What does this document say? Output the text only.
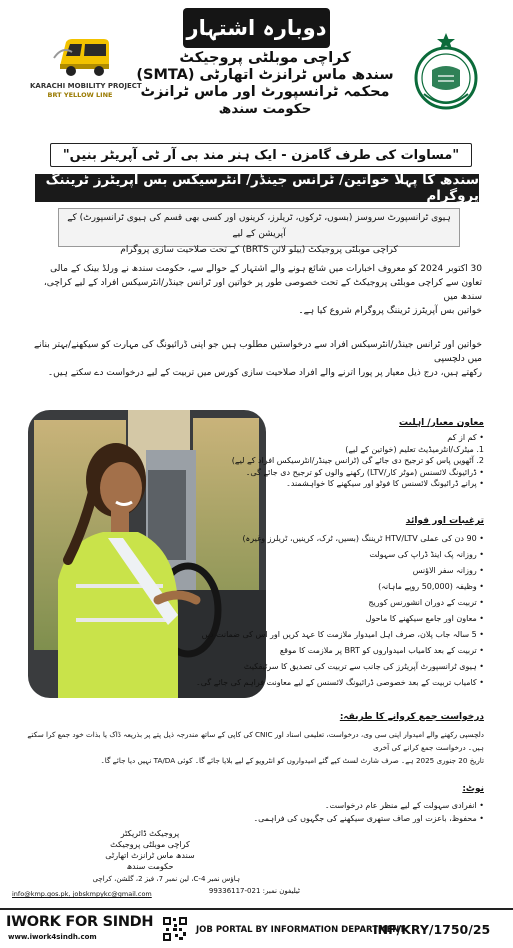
دوبارہ اشتہار
KARACHI MOBILITY PROJECT
BRT YELLOW LINE
کراچی موبلٹی پروجیکٹ
سندھ ماس ٹرانزٹ اتھارٹی (SMTA)
محکمہ ٹرانسپورٹ اور ماس ٹرانزٹ
حکومت سندھ
"مساوات کی طرف گامزن - ایک ہنر مند بی آر ٹی آپریٹر بنیں"
سندھ کا پہلا خواتین/ ٹرانس جینڈر/ انٹرسیکس بس آپریٹرز ٹریننگ پروگرام
ہیوی ٹرانسپورٹ سروسز (بسوں، ٹرکوں، ٹریلرز، کرینوں اور کسی بھی قسم کی ہیوی ٹرانسپورٹ) کے آپریشن کے لیے
کراچی موبلٹی پروجیکٹ (ییلو لائن BRTS) کے تحت صلاحیت سازی پروگرام
30 اکتوبر 2024 کو معروف اخبارات میں شائع ہونے والے اشتہار کے حوالے سے، حکومت سندھ نے ورلڈ بینک کے مالی
تعاون سے کراچی موبلٹی پروجیکٹ کے تحت خصوصی طور پر خواتین اور ٹرانس جینڈر/انٹرسیکس افراد کے لیے کراچی، سندھ میں
خواتین بس آپریٹرز ٹریننگ پروگرام شروع کیا ہے۔
خواتین اور ٹرانس جینڈر/انٹرسیکس افراد سے درخواستیں مطلوب ہیں جو اپنی ڈرائیونگ کی مہارت کو سیکھنے/بہتر بنانے میں دلچسپی
رکھتے ہیں، درج ذیل معیار پر پورا اترنے والے افراد صلاحیت سازی کورس میں تربیت کے لیے درخواست دے سکتے ہیں۔
معاون معیار/ اہلیت
• کم از کم
1. میٹرک/انٹرمیڈیٹ تعلیم (خواتین کے لیے)
2. آٹھویں پاس کو ترجیح دی جائے گی (ٹرانس جینڈر/انٹرسیکس افراد کے لیے)
• ڈرائیونگ لائسنس (موٹر کار/LTV) رکھنے والوں کو ترجیح دی جائے گی۔
• پرانے ڈرائیونگ لائسنس کا فوٹو اور سیکھنے کا خواہشمند۔
ترغیبات اور فوائد
• 90 دن کی عملی HTV/LTV ٹریننگ (بسیں، ٹرک، کرینیں، ٹریلرز وغیرہ)
• روزانہ پک اینڈ ڈراپ کی سہولت
• روزانہ سفر الاؤنس
• وظیفہ (50,000 روپے ماہانہ)
• تربیت کے دوران انشورنس کوریج
• معاون اور جامع سیکھنے کا ماحول
• 5 سالہ جاب پلان، صرف اہل امیدوار ملازمت کا عہد کریں اور اس کی ضمانت دیں
• تربیت کے بعد کامیاب امیدواروں کو BRT پر ملازمت کا موقع
• ہیوی ٹرانسپورٹ آپریٹرز کی جانب سے تربیت کی تصدیق کا سرٹیفکیٹ
• کامیاب تربیت کے بعد خصوصی ڈرائیونگ لائسنس کے لیے معاونت فراہم کی جائے گی۔
درخواست جمع کروانے کا طریقہ:
دلچسپی رکھنے والے امیدوار اپنی سی وی، درخواست، تعلیمی اسناد اور CNIC کی کاپی کے ساتھ مندرجہ ذیل پتے پر بذریعہ ڈاک یا بذات خود جمع کرا سکتے ہیں۔ درخواست جمع کرانے کی آخری
تاریخ 20 جنوری 2025 ہے۔ صرف شارٹ لسٹ کیے گئے امیدواروں کو انٹرویو کے لیے بلایا جائے گا۔ کوئی TA/DA نہیں دیا جائے گا۔
نوٹ:
• انفرادی سہولت کے لیے منظر عام درخواست۔
• محفوظ، باعزت اور صاف ستھری سیکھنے کی جگہوں کی فراہمی۔
پروجیکٹ ڈائریکٹر
کراچی موبلٹی پروجیکٹ
سندھ ماس ٹرانزٹ اتھارٹی
حکومت سندھ
ہاؤس نمبر 4-C، لین نمبر 7، فیز 2، گلشن، کراچی
ٹیلیفون نمبر: 021-99336117
info@kmp.gos.pk, jobskmpykc@gmail.com
IWORK FOR SINDH
www.iwork4sindh.com
JOB PORTAL BY INFORMATION DEPARTMENT
INF/KRY/1750/25
